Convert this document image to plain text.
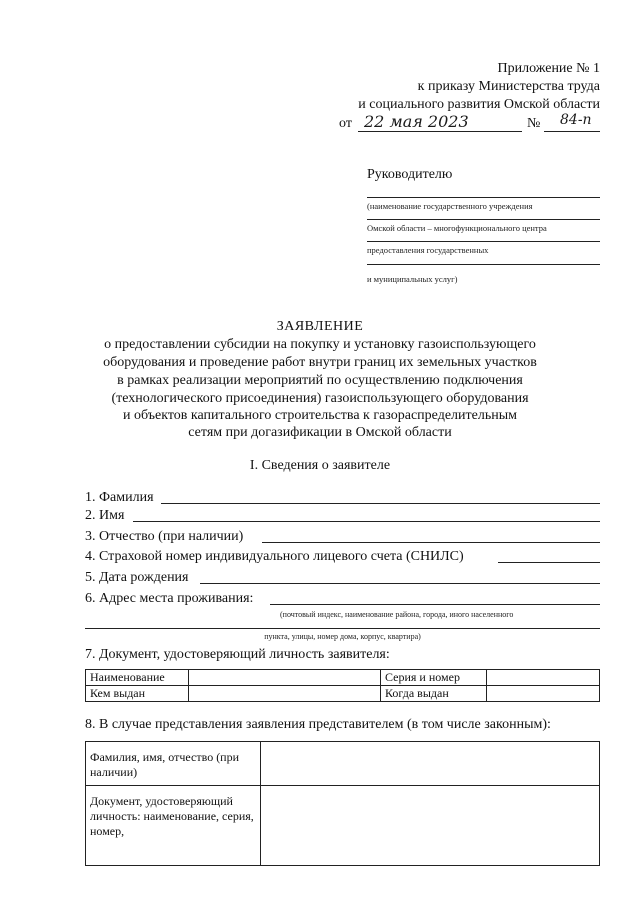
Приложение № 1
к приказу Министерства труда
и социального развития Омской области
от 22 мая 2023	№ 84-п
Руководителю
(наименование государственного учреждения
Омской области – многофункционального центра
предоставления государственных
и муниципальных услуг)
ЗАЯВЛЕНИЕ
о предоставлении субсидии на покупку и установку газоиспользующего
оборудования и проведение работ внутри границ их земельных участков
в рамках реализации мероприятий по осуществлению подключения
(технологического присоединения) газоиспользующего оборудования
и объектов капитального строительства к газораспределительным
сетям при догазификации в Омской области
I. Сведения о заявителе
1. Фамилия
2. Имя
3. Отчество (при наличии)
4. Страховой номер индивидуального лицевого счета (СНИЛС)
5. Дата рождения
6. Адрес места проживания:
(почтовый индекс, наименование района, города, иного населенного
пункта, улицы, номер дома, корпус, квартира)
7. Документ, удостоверяющий личность заявителя:
Наименование		Серия и номер	
Кем выдан		Когда выдан	
8. В случае представления заявления представителем (в том числе законным):
Фамилия, имя, отчество (при наличии)	
Документ, удостоверяющий личность: наименование, серия, номер,	
